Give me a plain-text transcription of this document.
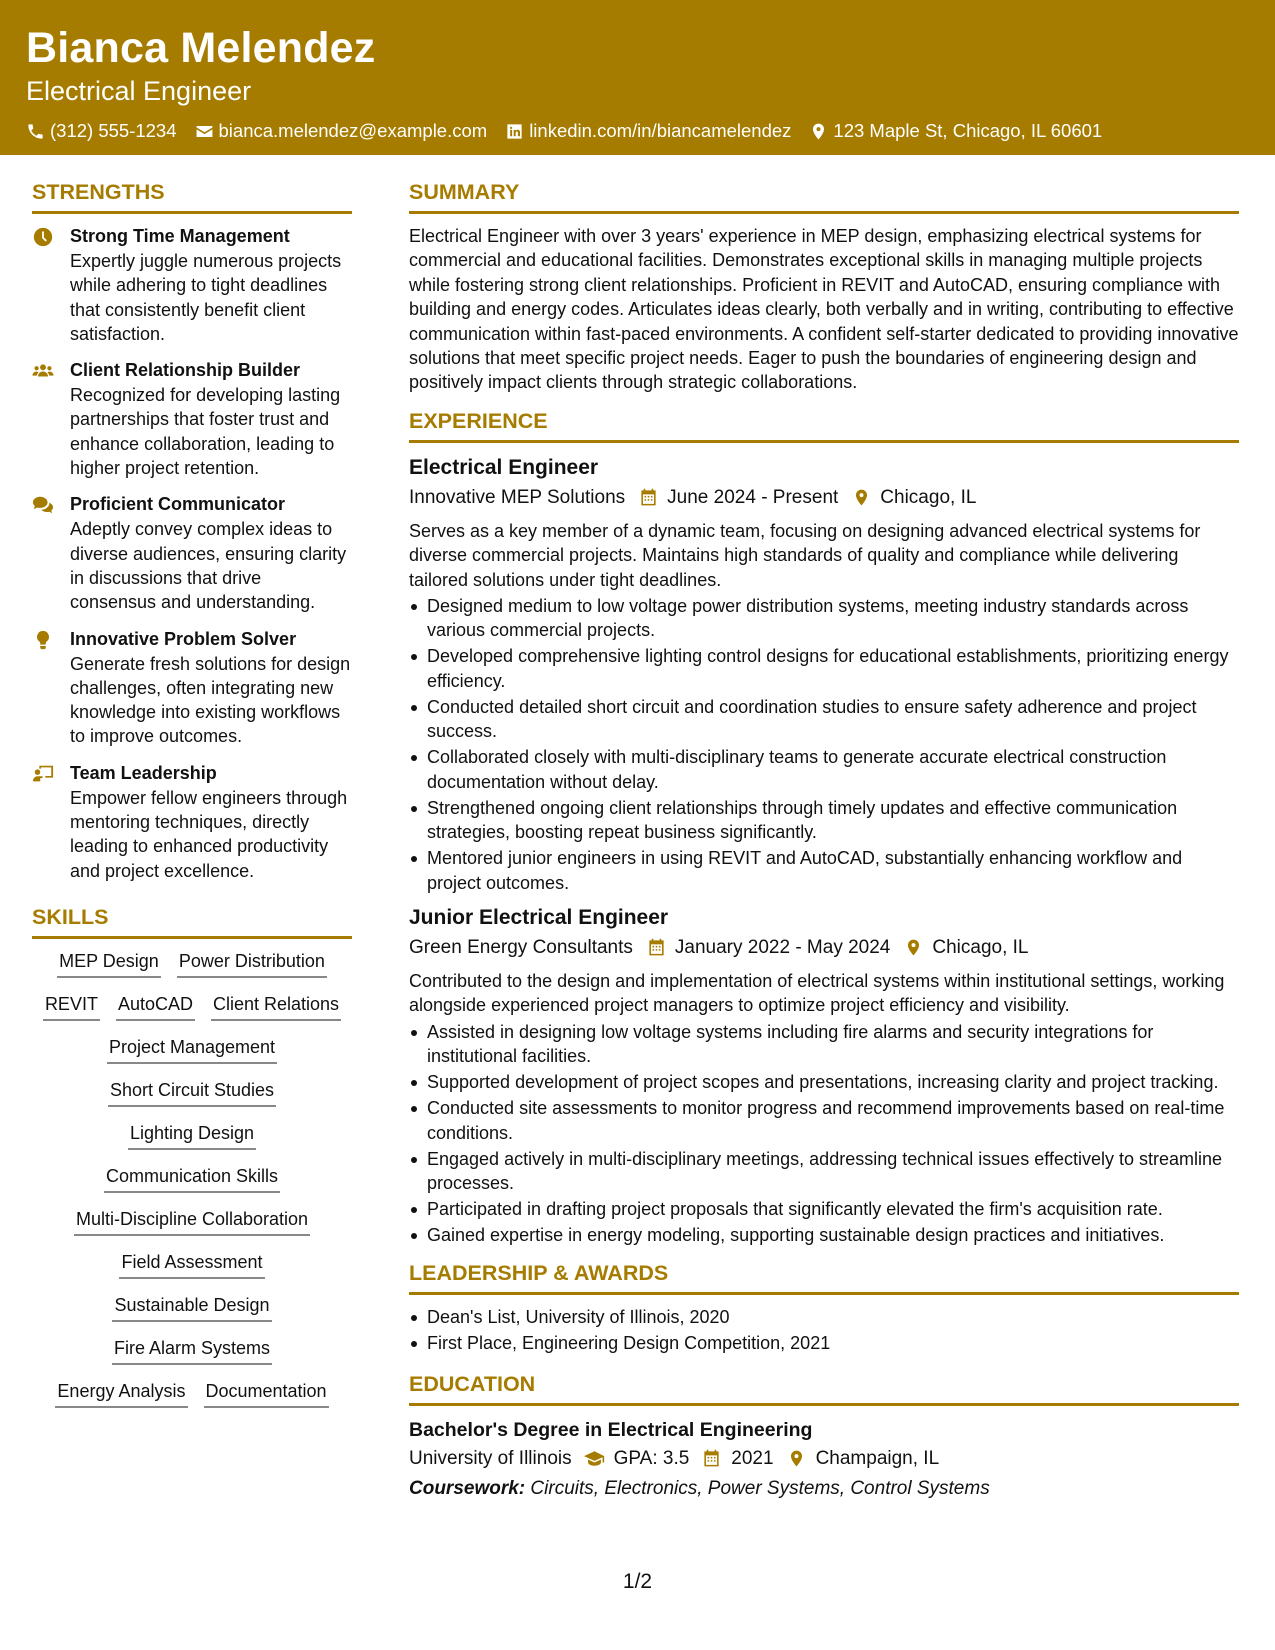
Bianca Melendez
Electrical Engineer
(312) 555-1234 bianca.melendez@example.com linkedin.com/in/biancamelendez 123 Maple St, Chicago, IL 60601
STRENGTHS
Strong Time Management
Expertly juggle numerous projects while adhering to tight deadlines that consistently benefit client satisfaction.
Client Relationship Builder
Recognized for developing lasting partnerships that foster trust and enhance collaboration, leading to higher project retention.
Proficient Communicator
Adeptly convey complex ideas to diverse audiences, ensuring clarity in discussions that drive consensus and understanding.
Innovative Problem Solver
Generate fresh solutions for design challenges, often integrating new knowledge into existing workflows to improve outcomes.
Team Leadership
Empower fellow engineers through mentoring techniques, directly leading to enhanced productivity and project excellence.
SKILLS
MEP Design Power Distribution
REVIT AutoCAD Client Relations
Project Management
Short Circuit Studies
Lighting Design
Communication Skills
Multi-Discipline Collaboration
Field Assessment
Sustainable Design
Fire Alarm Systems
Energy Analysis Documentation
SUMMARY
Electrical Engineer with over 3 years' experience in MEP design, emphasizing electrical systems for commercial and educational facilities. Demonstrates exceptional skills in managing multiple projects while fostering strong client relationships. Proficient in REVIT and AutoCAD, ensuring compliance with building and energy codes. Articulates ideas clearly, both verbally and in writing, contributing to effective communication within fast-paced environments. A confident self-starter dedicated to providing innovative solutions that meet specific project needs. Eager to push the boundaries of engineering design and positively impact clients through strategic collaborations.
EXPERIENCE
Electrical Engineer
Innovative MEP Solutions June 2024 - Present Chicago, IL
Serves as a key member of a dynamic team, focusing on designing advanced electrical systems for diverse commercial projects. Maintains high standards of quality and compliance while delivering tailored solutions under tight deadlines.
Designed medium to low voltage power distribution systems, meeting industry standards across various commercial projects.
Developed comprehensive lighting control designs for educational establishments, prioritizing energy efficiency.
Conducted detailed short circuit and coordination studies to ensure safety adherence and project success.
Collaborated closely with multi-disciplinary teams to generate accurate electrical construction documentation without delay.
Strengthened ongoing client relationships through timely updates and effective communication strategies, boosting repeat business significantly.
Mentored junior engineers in using REVIT and AutoCAD, substantially enhancing workflow and project outcomes.
Junior Electrical Engineer
Green Energy Consultants January 2022 - May 2024 Chicago, IL
Contributed to the design and implementation of electrical systems within institutional settings, working alongside experienced project managers to optimize project efficiency and visibility.
Assisted in designing low voltage systems including fire alarms and security integrations for institutional facilities.
Supported development of project scopes and presentations, increasing clarity and project tracking.
Conducted site assessments to monitor progress and recommend improvements based on real-time conditions.
Engaged actively in multi-disciplinary meetings, addressing technical issues effectively to streamline processes.
Participated in drafting project proposals that significantly elevated the firm's acquisition rate.
Gained expertise in energy modeling, supporting sustainable design practices and initiatives.
LEADERSHIP & AWARDS
Dean's List, University of Illinois, 2020
First Place, Engineering Design Competition, 2021
EDUCATION
Bachelor's Degree in Electrical Engineering
University of Illinois GPA: 3.5 2021 Champaign, IL
Coursework: Circuits, Electronics, Power Systems, Control Systems
1/2
